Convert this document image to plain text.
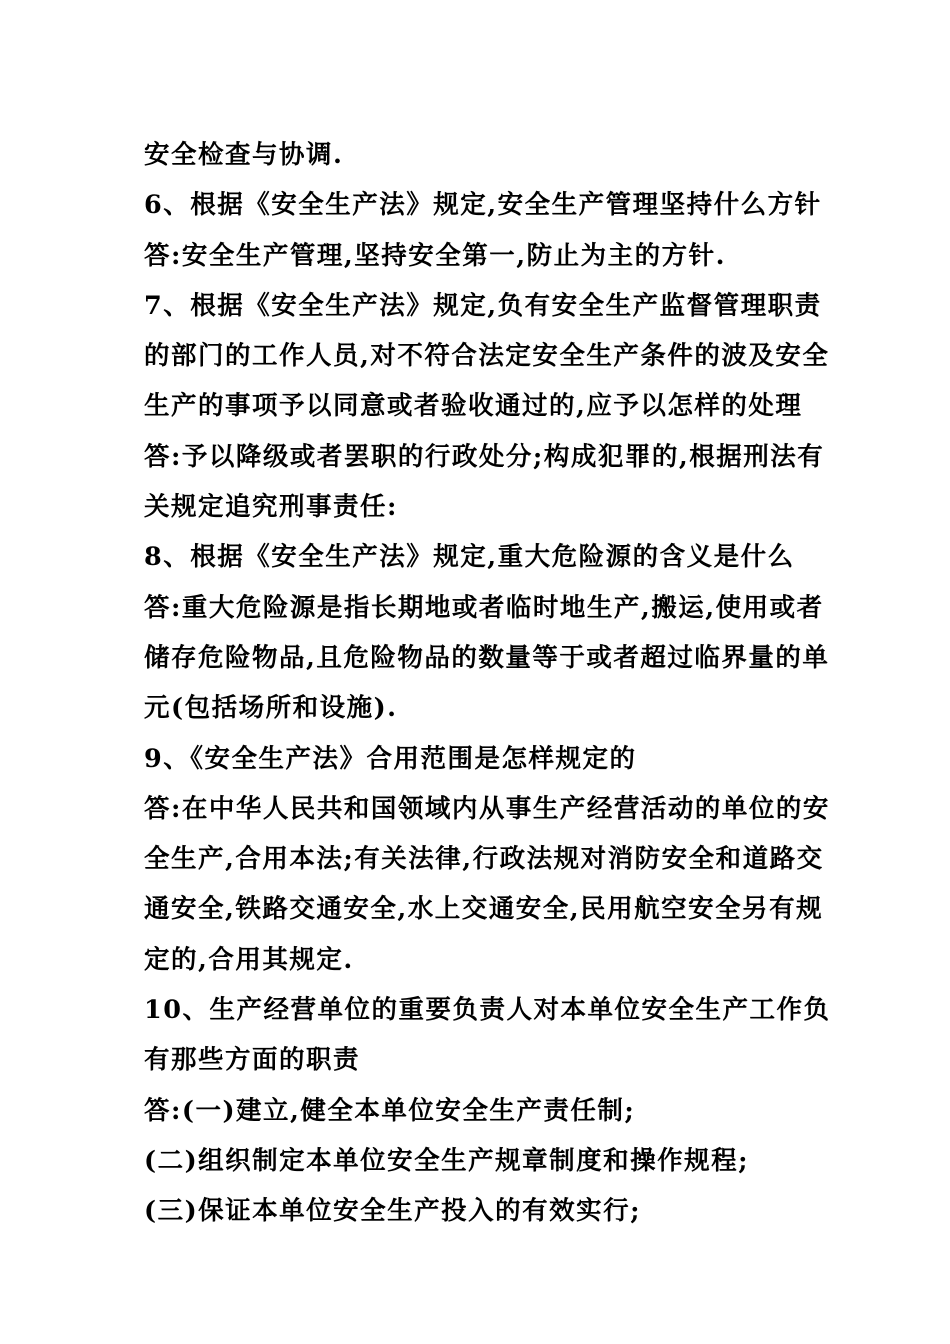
安全检查与协调.
6、根据《安全生产法》规定,安全生产管理坚持什么方针
答:安全生产管理,坚持安全第一,防止为主的方针.
7、根据《安全生产法》规定,负有安全生产监督管理职责
的部门的工作人员,对不符合法定安全生产条件的波及安全
生产的事项予以同意或者验收通过的,应予以怎样的处理
答:予以降级或者罢职的行政处分;构成犯罪的,根据刑法有
关规定追究刑事责任:
8、根据《安全生产法》规定,重大危险源的含义是什么
答:重大危险源是指长期地或者临时地生产,搬运,使用或者
储存危险物品,且危险物品的数量等于或者超过临界量的单
元(包括场所和设施).
9、《安全生产法》合用范围是怎样规定的
答:在中华人民共和国领域内从事生产经营活动的单位的安
全生产,合用本法;有关法律,行政法规对消防安全和道路交
通安全,铁路交通安全,水上交通安全,民用航空安全另有规
定的,合用其规定.
10、生产经营单位的重要负责人对本单位安全生产工作负
有那些方面的职责
答:(一)建立,健全本单位安全生产责任制;
(二)组织制定本单位安全生产规章制度和操作规程;
(三)保证本单位安全生产投入的有效实行;
